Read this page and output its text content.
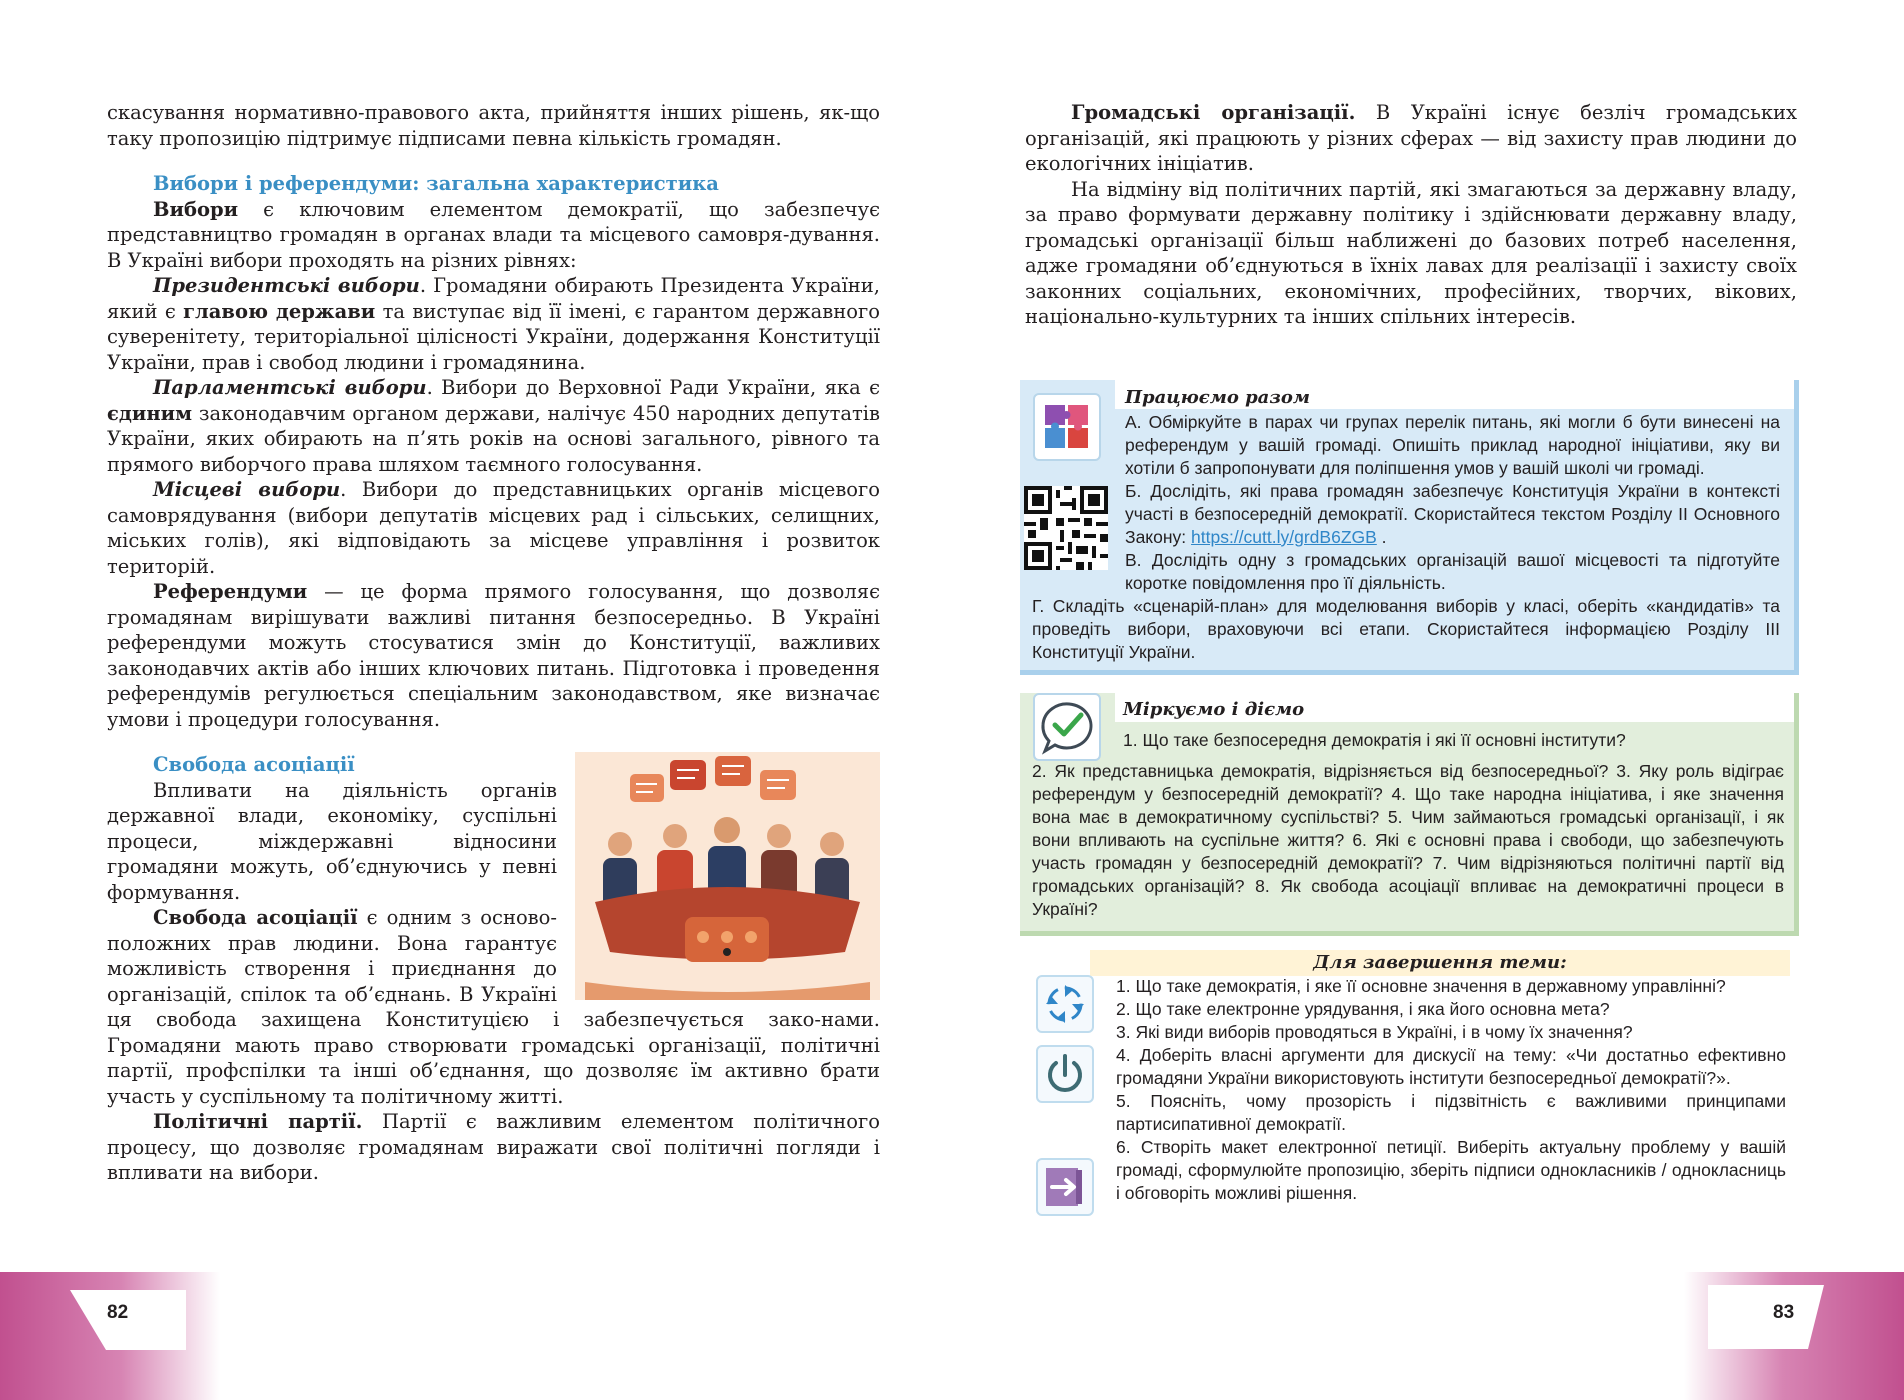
скасування нормативно-правового акта, прийняття інших рішень, як-що таку пропозицію підтримує підписами певна кількість громадян.

Вибори і референдуми: загальна характеристика

Вибори є ключовим елементом демократії, що забезпечує представництво громадян в органах влади та місцевого самовря-дування. В Україні вибори проходять на різних рівнях:

Президентські вибори. Громадяни обирають Президента України, який є главою держави та виступає від її імені, є гарантом державного суверенітету, територіальної цілісності України, додержання Конституції України, прав і свобод людини і громадянина.

Парламентські вибори. Вибори до Верховної Ради України, яка є єдиним законодавчим органом держави, налічує 450 народних депутатів України, яких обирають на п’ять років на основі загального, рівного та прямого виборчого права шляхом таємного голосування.

Місцеві вибори. Вибори до представницьких органів місцевого самоврядування (вибори депутатів місцевих рад і сільських, селищних, міських голів), які відповідають за місцеве управління і розвиток територій.

Референдуми — це форма прямого голосування, що дозволяє громадянам вирішувати важливі питання безпосередньо. В Україні референдуми можуть стосуватися змін до Конституції, важливих законодавчих актів або інших ключових питань. Підготовка і проведення референдумів регулюється спеціальним законодавством, яке визначає умови і процедури голосування.

Свобода асоціації

Впливати на діяльність органів державної влади, економіку, суспільні процеси, міждержавні відносини громадяни можуть, об’єднуючись у певні формування.

Свобода асоціації є одним з осново-положних прав людини. Вона гарантує можливість створення і приєднання до організацій, спілок та об’єднань. В Україні ця свобода захищена Конституцією і забезпечується зако-нами. Громадяни мають право створювати громадські організації, політичні партії, профспілки та інші об’єднання, що дозволяє їм активно брати участь у суспільному та політичному житті.

Політичні партії. Партії є важливим елементом політичного процесу, що дозволяє громадянам виражати свої політичні погляди і впливати на вибори.

Громадські організації. В Україні існує безліч громадських організацій, які працюють у різних сферах — від захисту прав людини до екологічних ініціатив.

На відміну від політичних партій, які змагаються за державну владу, за право формувати державну політику і здійснювати державну владу, громадські організації більш наближені до базових потреб населення, адже громадяни об’єднуються в їхніх лавах для реалізації і захисту своїх законних соціальних, економічних, професійних, творчих, вікових, національно-культурних та інших спільних інтересів.

Працюємо разом
А. Обміркуйте в парах чи групах перелік питань, які могли б бути винесені на референдум у вашій громаді. Опишіть приклад народної ініціативи, яку ви хотіли б запропонувати для поліпшення умов у вашій школі чи громаді.
Б. Дослідіть, які права громадян забезпечує Конституція України в контексті участі в безпосередній демократії. Скористайтеся текстом Розділу ІІ Основного Закону: https://cutt.ly/grdB6ZGB .
В. Дослідіть одну з громадських організацій вашої місцевості та підготуйте коротке повідомлення про її діяльність.
Г. Складіть «сценарій-план» для моделювання виборів у класі, оберіть «кандидатів» та проведіть вибори, враховуючи всі етапи. Скористайтеся інформацією Розділу ІІІ Конституції України.
Міркуємо і діємо
1. Що таке безпосередня демократія і які її основні інститути?
2. Як представницька демократія, відрізняється від безпосередньої? 3. Яку роль відіграє референдум у безпосередній демократії? 4. Що таке народна ініціатива, і яке значення вона має в демократичному суспільстві? 5. Чим займаються громадські організації, і як вони впливають на суспільне життя? 6. Які є основні права і свободи, що забезпечують участь громадян у безпосередній демократії? 7. Чим відрізняються політичні партії від громадських організацій? 8. Як свобода асоціації впливає на демократичні процеси в Україні?
Для завершення теми:

1. Що таке демократія, і яке її основне значення в державному управлінні?

2. Що таке електронне урядування, і яка його основна мета?

3. Які види виборів проводяться в Україні, і в чому їх значення?

4. Доберіть власні аргументи для дискусії на тему: «Чи достатньо ефективно громадяни України використовують інститути безпосередньої демократії?».

5. Поясніть, чому прозорість і підзвітність є важливими принципами партисипативної демократії.

6. Створіть макет електронної петиції. Виберіть актуальну проблему у вашій громаді, сформулюйте пропозицію, зберіть підписи однокласників / однокласниць і обговоріть можливі рішення.

82	83
